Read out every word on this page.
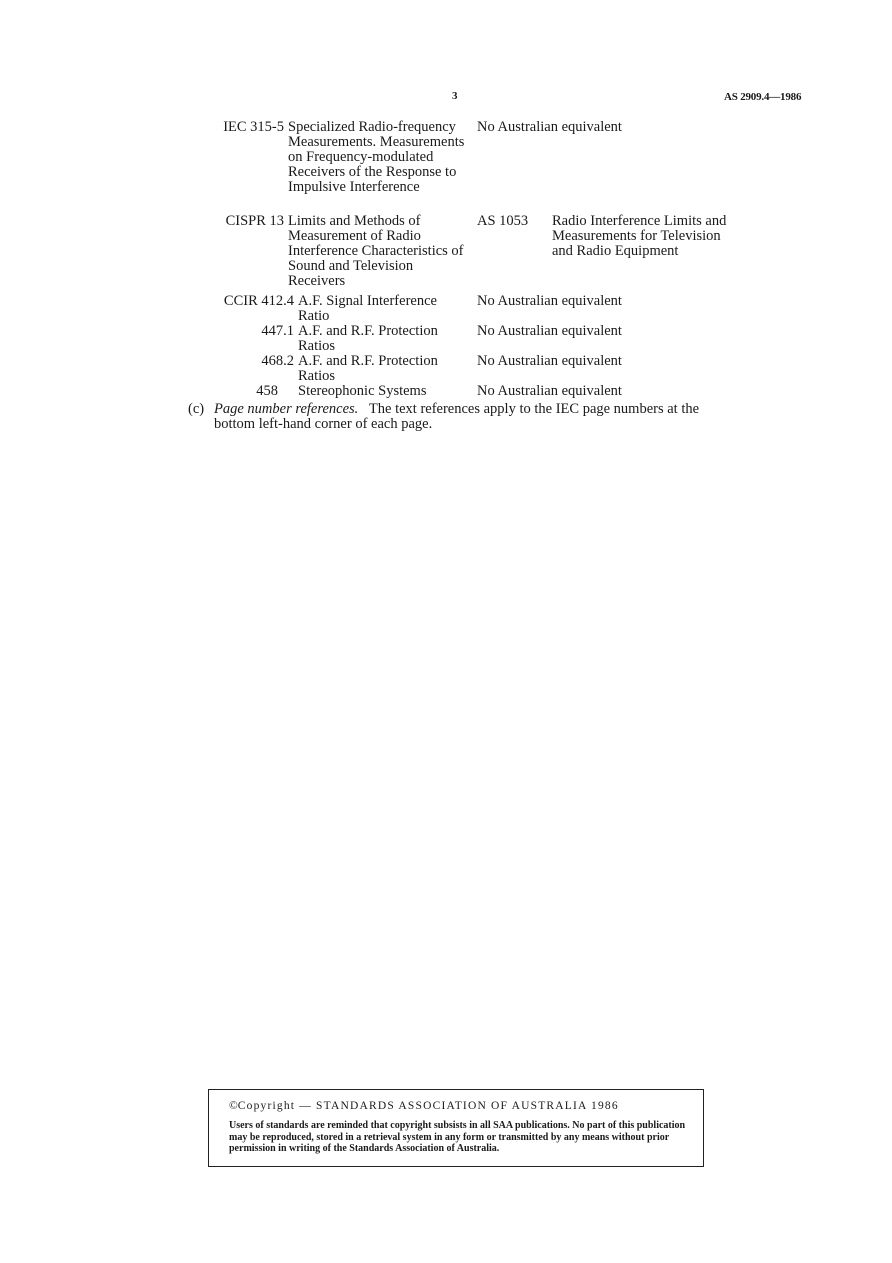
3	AS 2909.4—1986
IEC 315-5 Specialized Radio-frequency Measurements. Measurements on Frequency-modulated Receivers of the Response to Impulsive Interference
No Australian equivalent
CISPR 13 Limits and Methods of Measurement of Radio Interference Characteristics of Sound and Television Receivers
AS 1053 Radio Interference Limits and Measurements for Television and Radio Equipment
CCIR 412.4 A.F. Signal Interference Ratio
No Australian equivalent
447.1 A.F. and R.F. Protection Ratios
No Australian equivalent
468.2 A.F. and R.F. Protection Ratios
No Australian equivalent
458 Stereophonic Systems	No Australian equivalent
(c) Page number references. The text references apply to the IEC page numbers at the bottom left-hand corner of each page.
©Copyright — STANDARDS ASSOCIATION OF AUSTRALIA 1986
Users of standards are reminded that copyright subsists in all SAA publications. No part of this publication may be reproduced, stored in a retrieval system in any form or transmitted by any means without prior permission in writing of the Standards Association of Australia.
